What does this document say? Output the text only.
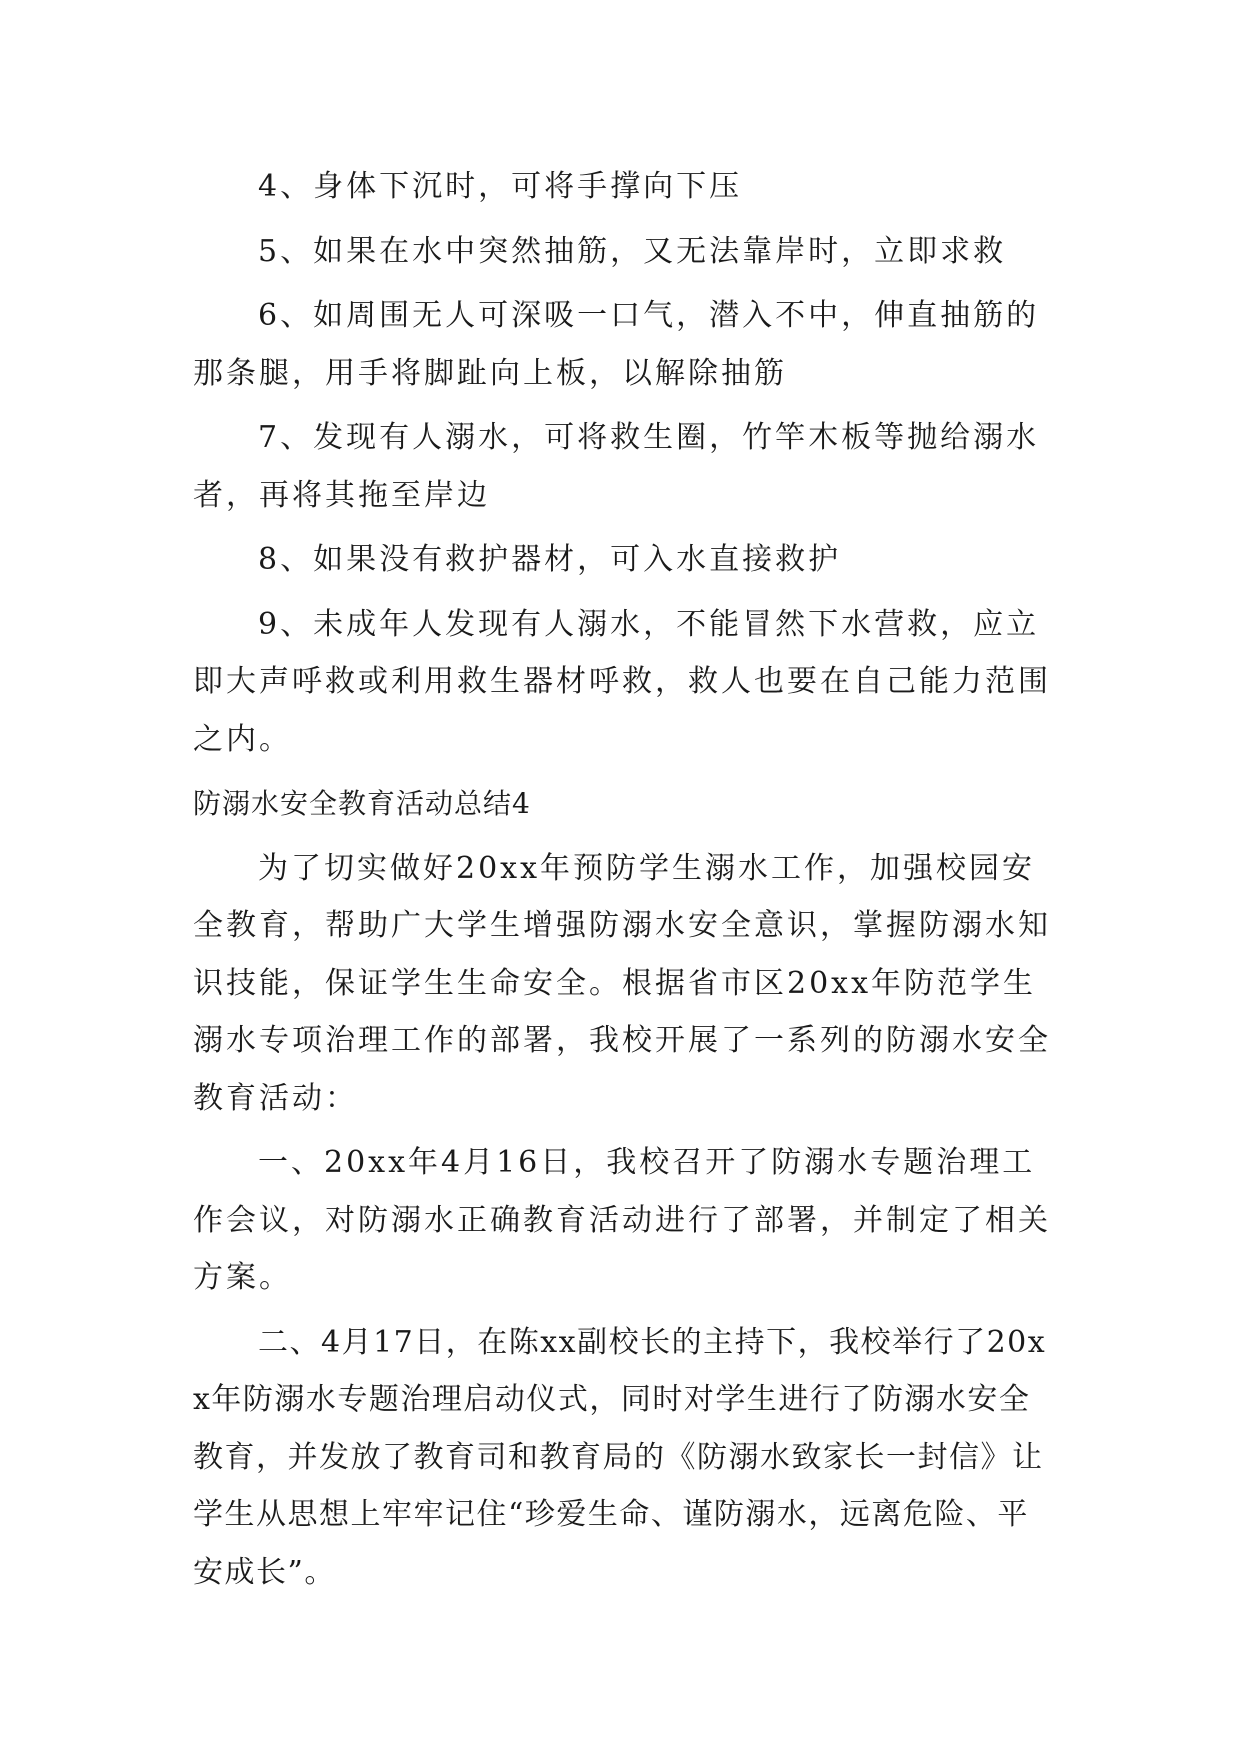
4、身体下沉时，可将手撑向下压

5、如果在水中突然抽筋，又无法靠岸时，立即求救

6、如周围无人可深吸一口气，潜入不中，伸直抽筋的那条腿，用手将脚趾向上板，以解除抽筋

7、发现有人溺水，可将救生圈，竹竿木板等抛给溺水者，再将其拖至岸边

8、如果没有救护器材，可入水直接救护

9、未成年人发现有人溺水，不能冒然下水营救，应立即大声呼救或利用救生器材呼救，救人也要在自己能力范围之内。

防溺水安全教育活动总结4

为了切实做好20xx年预防学生溺水工作，加强校园安全教育，帮助广大学生增强防溺水安全意识，掌握防溺水知识技能，保证学生生命安全。根据省市区20xx年防范学生溺水专项治理工作的部署，我校开展了一系列的防溺水安全教育活动：

一、20xx年4月16日，我校召开了防溺水专题治理工作会议，对防溺水正确教育活动进行了部署，并制定了相关方案。

二、4月17日，在陈xx副校长的主持下，我校举行了20xx年防溺水专题治理启动仪式，同时对学生进行了防溺水安全教育，并发放了教育司和教育局的《防溺水致家长一封信》让学生从思想上牢牢记住“珍爱生命、谨防溺水，远离危险、平安成长”。
